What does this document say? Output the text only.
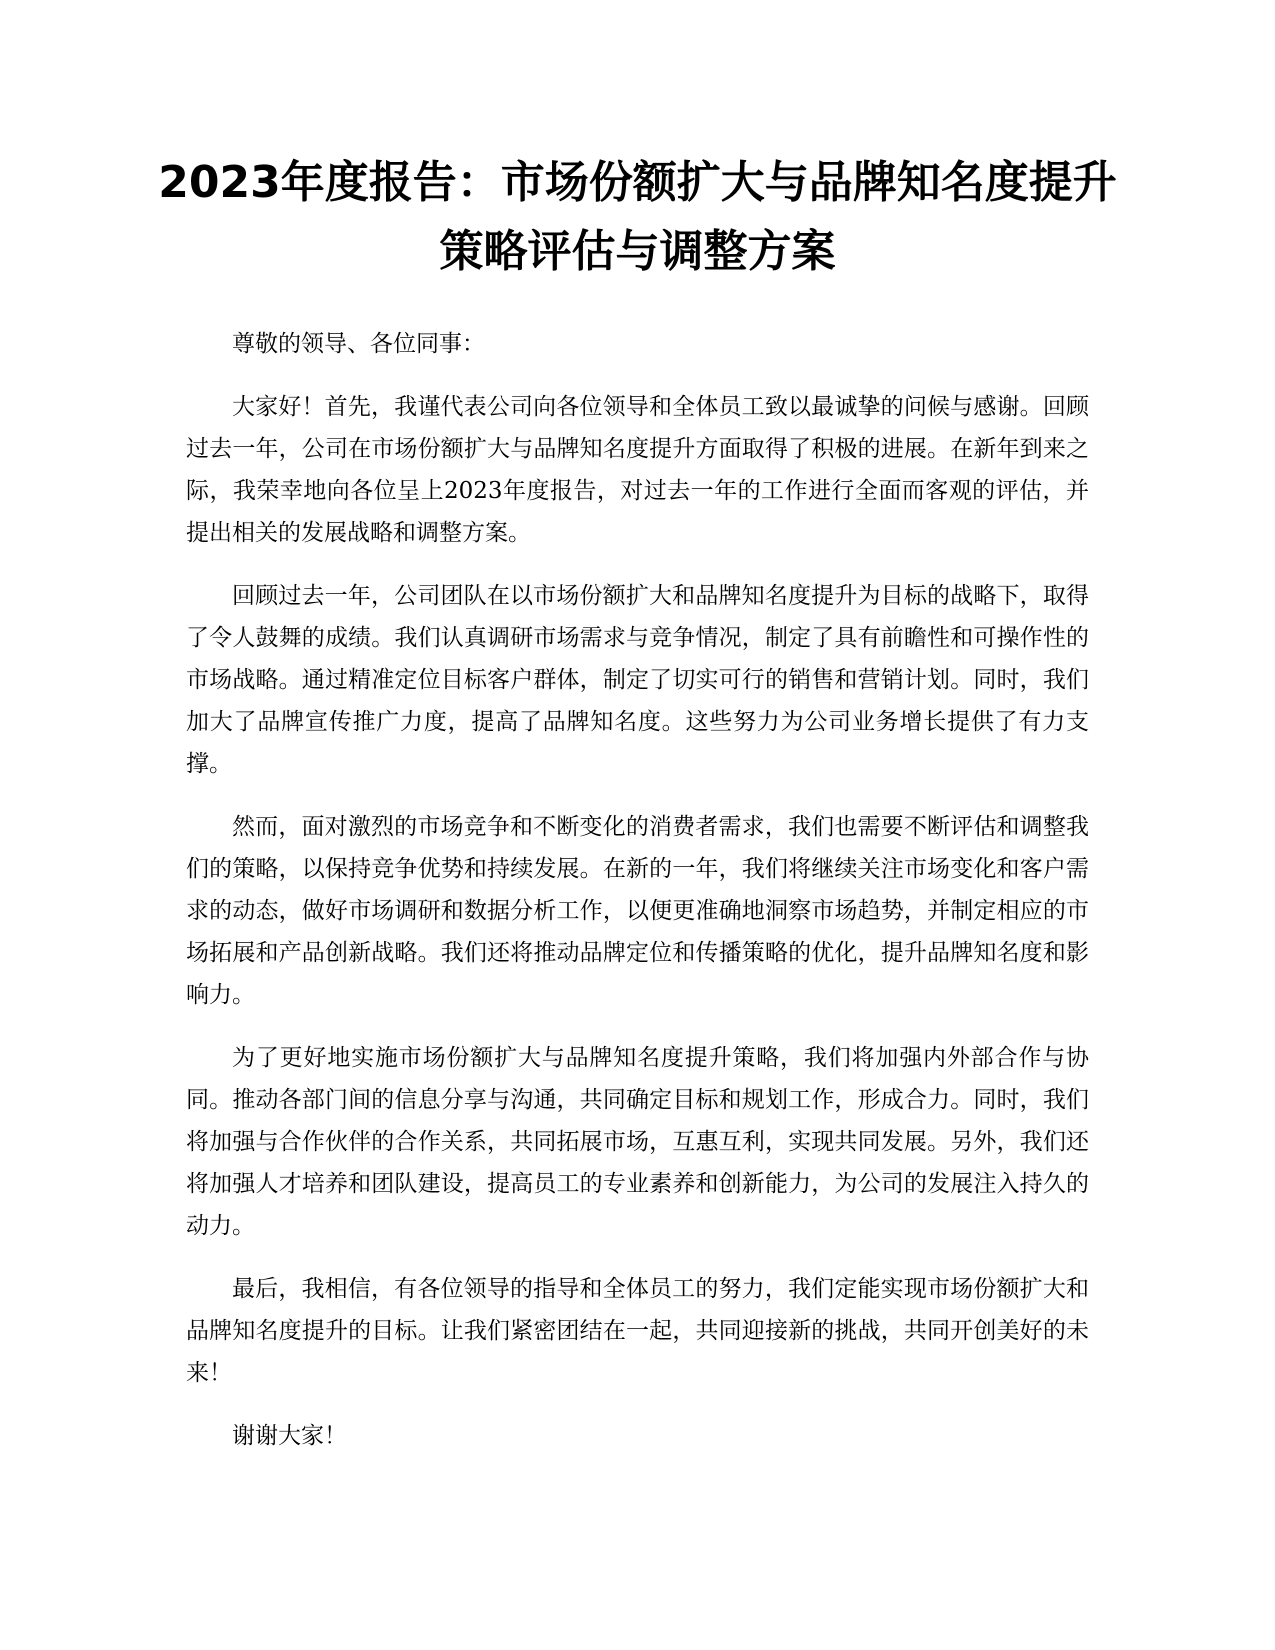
2023年度报告：市场份额扩大与品牌知名度提升策略评估与调整方案

尊敬的领导、各位同事：

大家好！首先，我谨代表公司向各位领导和全体员工致以最诚挚的问候与感谢。回顾过去一年，公司在市场份额扩大与品牌知名度提升方面取得了积极的进展。在新年到来之际，我荣幸地向各位呈上2023年度报告，对过去一年的工作进行全面而客观的评估，并提出相关的发展战略和调整方案。

回顾过去一年，公司团队在以市场份额扩大和品牌知名度提升为目标的战略下，取得了令人鼓舞的成绩。我们认真调研市场需求与竞争情况，制定了具有前瞻性和可操作性的市场战略。通过精准定位目标客户群体，制定了切实可行的销售和营销计划。同时，我们加大了品牌宣传推广力度，提高了品牌知名度。这些努力为公司业务增长提供了有力支撑。

然而，面对激烈的市场竞争和不断变化的消费者需求，我们也需要不断评估和调整我们的策略，以保持竞争优势和持续发展。在新的一年，我们将继续关注市场变化和客户需求的动态，做好市场调研和数据分析工作，以便更准确地洞察市场趋势，并制定相应的市场拓展和产品创新战略。我们还将推动品牌定位和传播策略的优化，提升品牌知名度和影响力。

为了更好地实施市场份额扩大与品牌知名度提升策略，我们将加强内外部合作与协同。推动各部门间的信息分享与沟通，共同确定目标和规划工作，形成合力。同时，我们将加强与合作伙伴的合作关系，共同拓展市场，互惠互利，实现共同发展。另外，我们还将加强人才培养和团队建设，提高员工的专业素养和创新能力，为公司的发展注入持久的动力。

最后，我相信，有各位领导的指导和全体员工的努力，我们定能实现市场份额扩大和品牌知名度提升的目标。让我们紧密团结在一起，共同迎接新的挑战，共同开创美好的未来！

谢谢大家！
